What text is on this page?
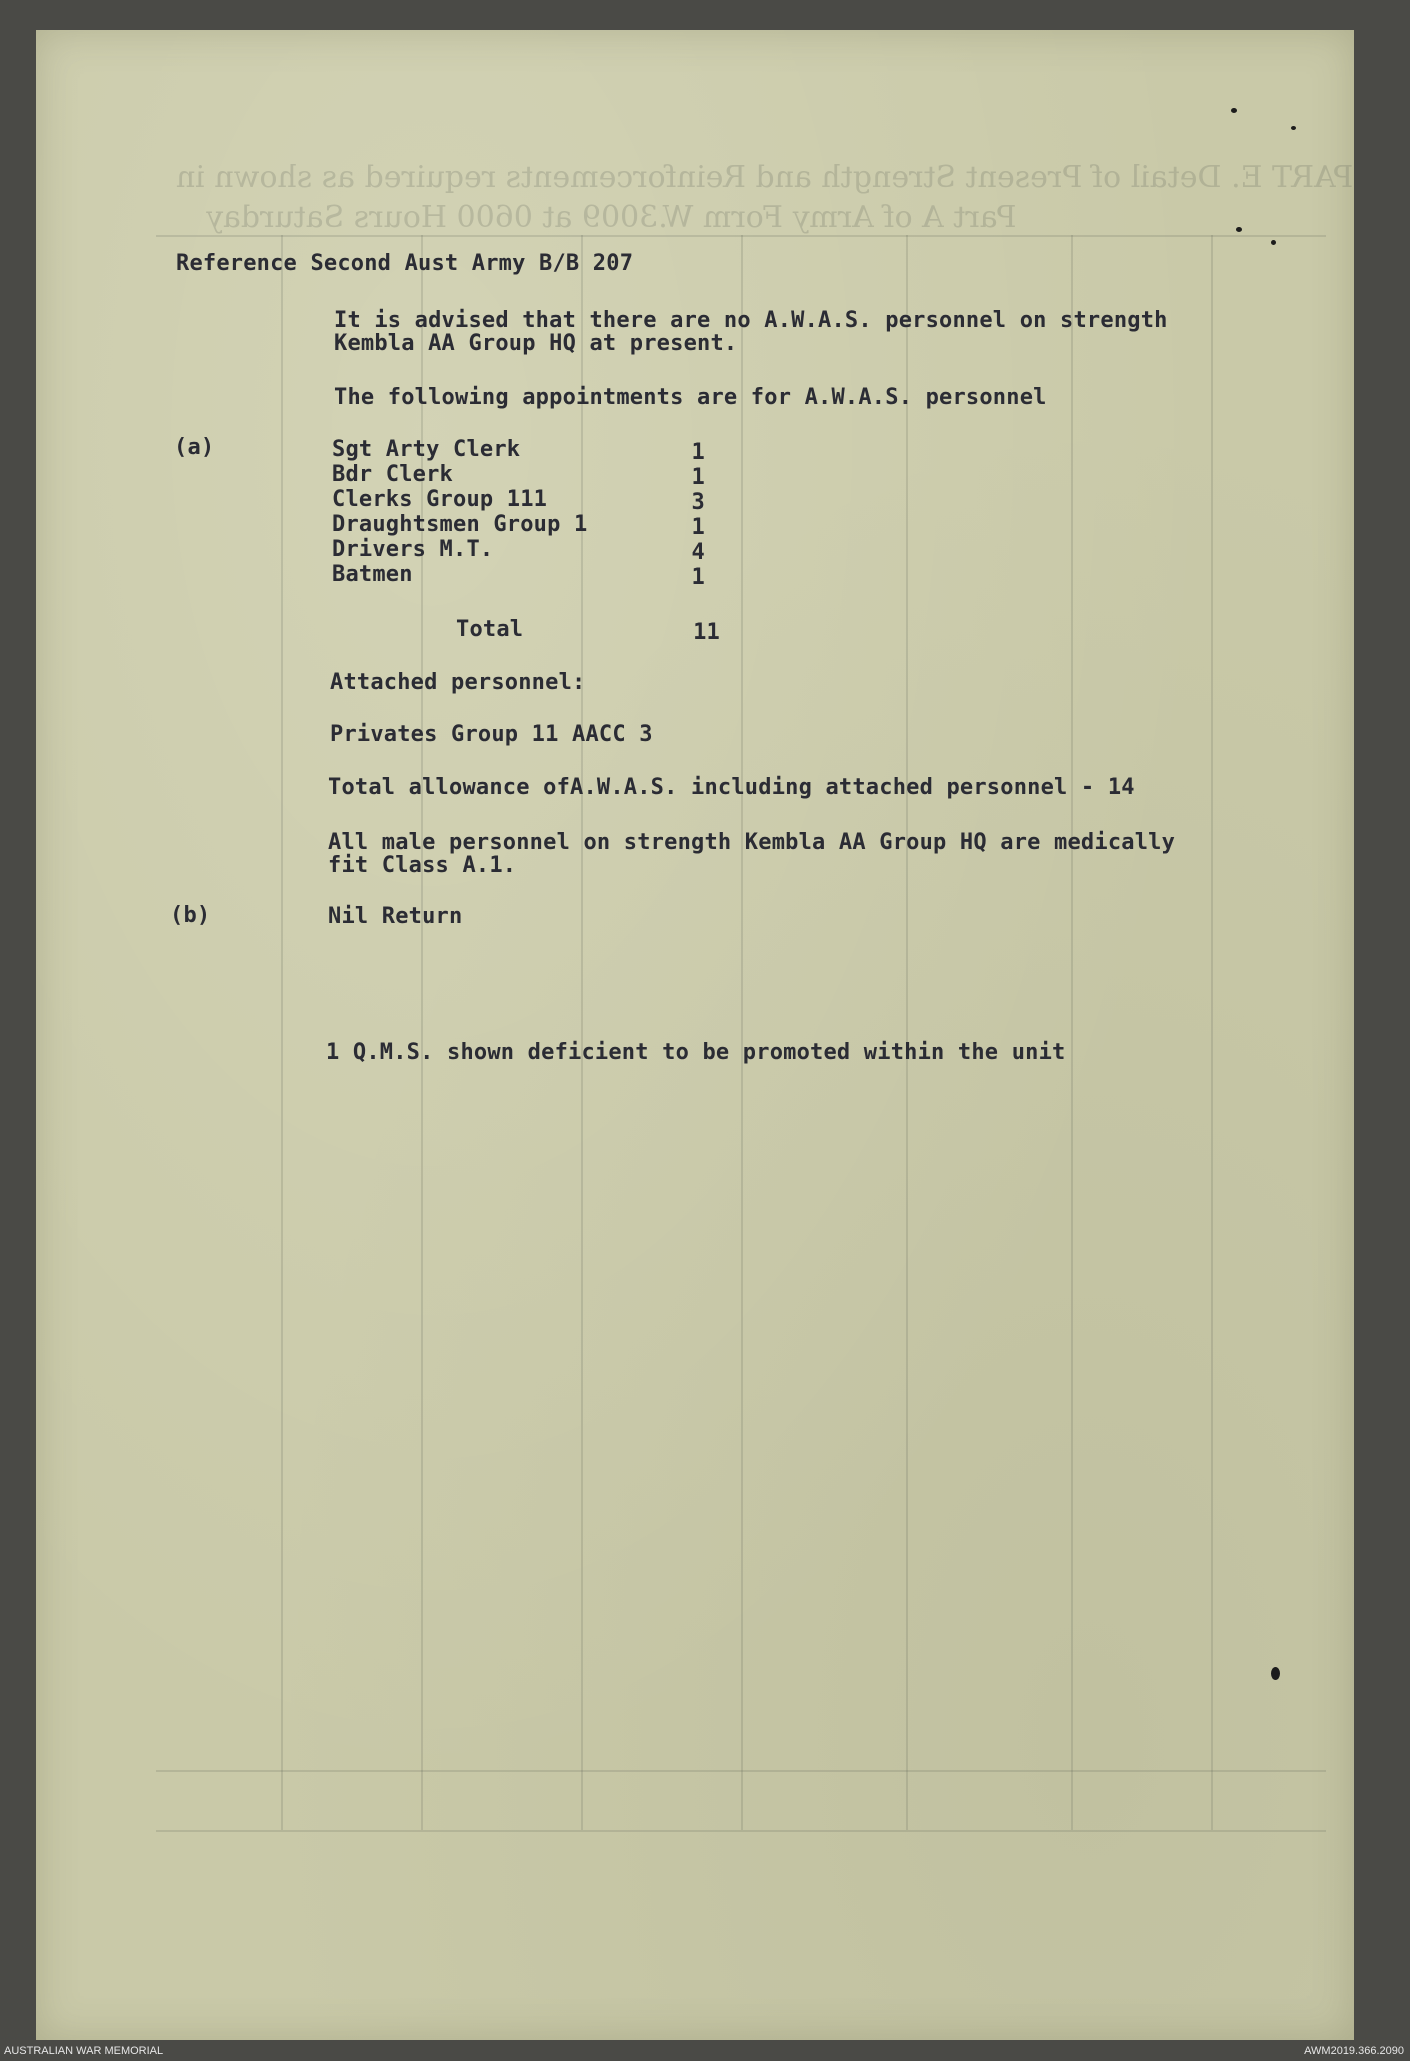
PART E. Detail of Present Strength and Reinforcements required as shown in
Part A of Army Form W.3009 at 0600 Hours Saturday
Reference Second Aust Army B/B 207
It is advised that there are no A.W.A.S. personnel on strength
Kembla AA Group HQ at present.
The following appointments are for A.W.A.S. personnel
(a)	Sgt Arty Clerk	1
Bdr Clerk	1
Clerks Group 111	3
Draughtsmen Group 1	1
Drivers M.T.	4
Batmen	1
Total	11
Attached personnel:
Privates Group 11 AACC 3
Total allowance ofA.W.A.S. including attached personnel - 14
All male personnel on strength Kembla AA Group HQ are medically
fit Class A.1.
(b)	Nil Return
1 Q.M.S. shown deficient to be promoted within the unit
AUSTRALIAN WAR MEMORIAL	AWM2019.366.2090
